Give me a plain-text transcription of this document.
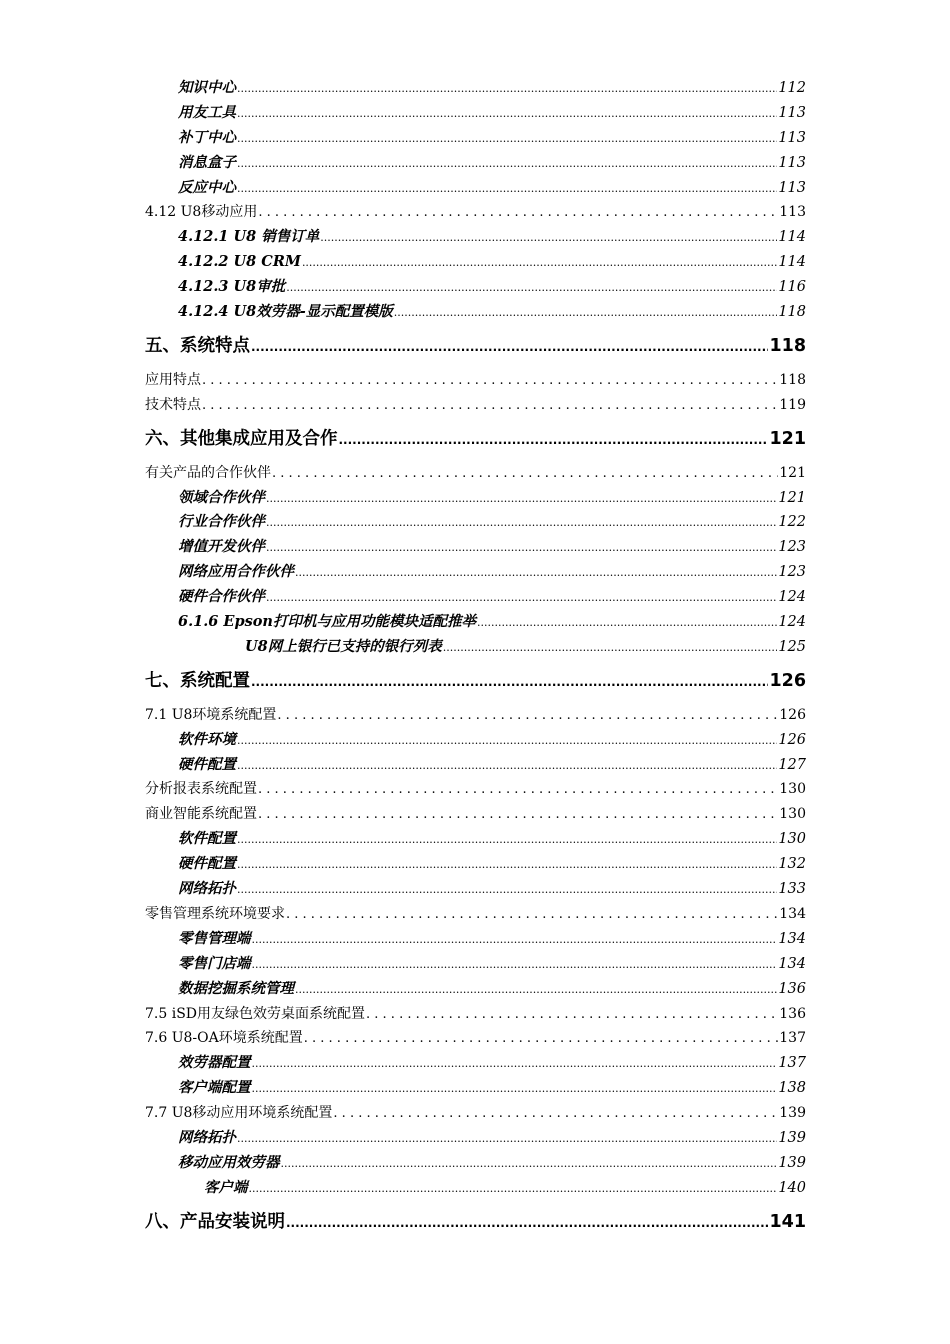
知识中心 .....	112
用友工具 .....	113
补丁中心 .....	113
消息盒子 .....	113
反应中心 .....	113
4.12 U8移动应用 . . .	113
4.12.1 U8 销售订单 .....	114
4.12.2 U8 CRM .....	114
4.12.3 U8审批 .....	116
4.12.4 U8效劳器-显示配置模版 .....	118
五、系统特点 .....	118
应用特点 . . .	118
技术特点 . . .	119
六、其他集成应用及合作 .....	121
有关产品的合作伙伴 . . .	121
领域合作伙伴 .....	121
行业合作伙伴 .....	122
增值开发伙伴 .....	123
网络应用合作伙伴 .....	123
硬件合作伙伴 .....	124
6.1.6 Epson打印机与应用功能模块适配推举 .....	124
U8网上银行已支持的银行列表 .....	125
七、系统配置 .....	126
7.1 U8环境系统配置 . . .	126
软件环境 .....	126
硬件配置 .....	127
分析报表系统配置 . . .	130
商业智能系统配置 . . .	130
软件配置 .....	130
硬件配置 .....	132
网络拓扑 .....	133
零售管理系统环境要求 . . .	134
零售管理端 .....	134
零售门店端 .....	134
数据挖掘系统管理 .....	136
7.5 iSD用友绿色效劳桌面系统配置 . . .	136
7.6 U8-OA环境系统配置 . . .	137
效劳器配置 .....	137
客户端配置 .....	138
7.7 U8移动应用环境系统配置 . . .	139
网络拓扑 .....	139
移动应用效劳器 .....	139
客户端 .....	140
八、产品安装说明 .....	141
